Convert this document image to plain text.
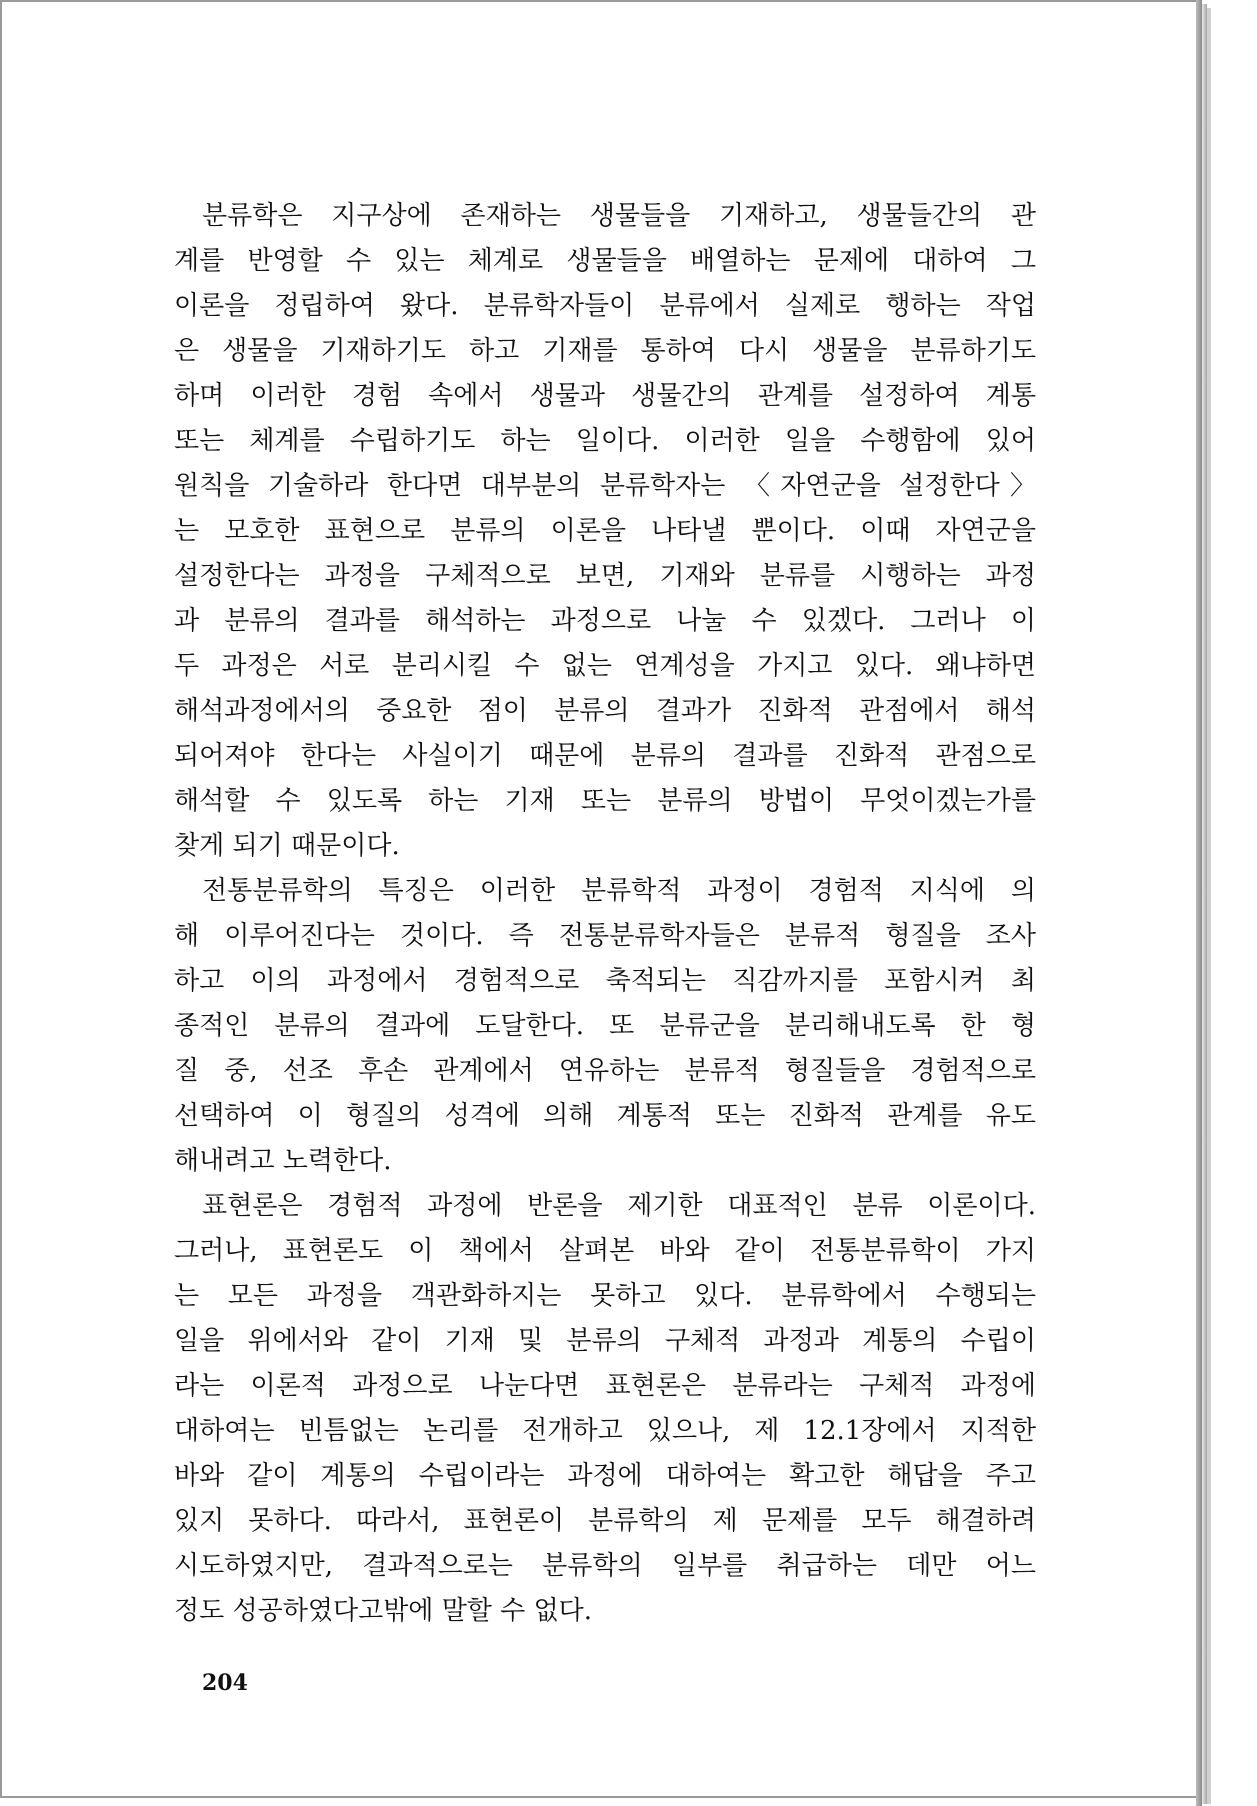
분류학은 지구상에 존재하는 생물들을 기재하고, 생물들간의 관
계를 반영할 수 있는 체계로 생물들을 배열하는 문제에 대하여 그
이론을 정립하여 왔다. 분류학자들이 분류에서 실제로 행하는 작업
은 생물을 기재하기도 하고 기재를 통하여 다시 생물을 분류하기도
하며 이러한 경험 속에서 생물과 생물간의 관계를 설정하여 계통
또는 체계를 수립하기도 하는 일이다. 이러한 일을 수행함에 있어
원칙을 기술하라 한다면 대부분의 분류학자는 〈자연군을 설정한다〉
는 모호한 표현으로 분류의 이론을 나타낼 뿐이다. 이때 자연군을
설정한다는 과정을 구체적으로 보면, 기재와 분류를 시행하는 과정
과 분류의 결과를 해석하는 과정으로 나눌 수 있겠다. 그러나 이
두 과정은 서로 분리시킬 수 없는 연계성을 가지고 있다. 왜냐하면
해석과정에서의 중요한 점이 분류의 결과가 진화적 관점에서 해석
되어져야 한다는 사실이기 때문에 분류의 결과를 진화적 관점으로
해석할 수 있도록 하는 기재 또는 분류의 방법이 무엇이겠는가를
찾게 되기 때문이다.
전통분류학의 특징은 이러한 분류학적 과정이 경험적 지식에 의
해 이루어진다는 것이다. 즉 전통분류학자들은 분류적 형질을 조사
하고 이의 과정에서 경험적으로 축적되는 직감까지를 포함시켜 최
종적인 분류의 결과에 도달한다. 또 분류군을 분리해내도록 한 형
질 중, 선조 후손 관계에서 연유하는 분류적 형질들을 경험적으로
선택하여 이 형질의 성격에 의해 계통적 또는 진화적 관계를 유도
해내려고 노력한다.
표현론은 경험적 과정에 반론을 제기한 대표적인 분류 이론이다.
그러나, 표현론도 이 책에서 살펴본 바와 같이 전통분류학이 가지
는 모든 과정을 객관화하지는 못하고 있다. 분류학에서 수행되는
일을 위에서와 같이 기재 및 분류의 구체적 과정과 계통의 수립이
라는 이론적 과정으로 나눈다면 표현론은 분류라는 구체적 과정에
대하여는 빈틈없는 논리를 전개하고 있으나, 제 12.1장에서 지적한
바와 같이 계통의 수립이라는 과정에 대하여는 확고한 해답을 주고
있지 못하다. 따라서, 표현론이 분류학의 제 문제를 모두 해결하려
시도하였지만, 결과적으로는 분류학의 일부를 취급하는 데만 어느
정도 성공하였다고밖에 말할 수 없다.
204
